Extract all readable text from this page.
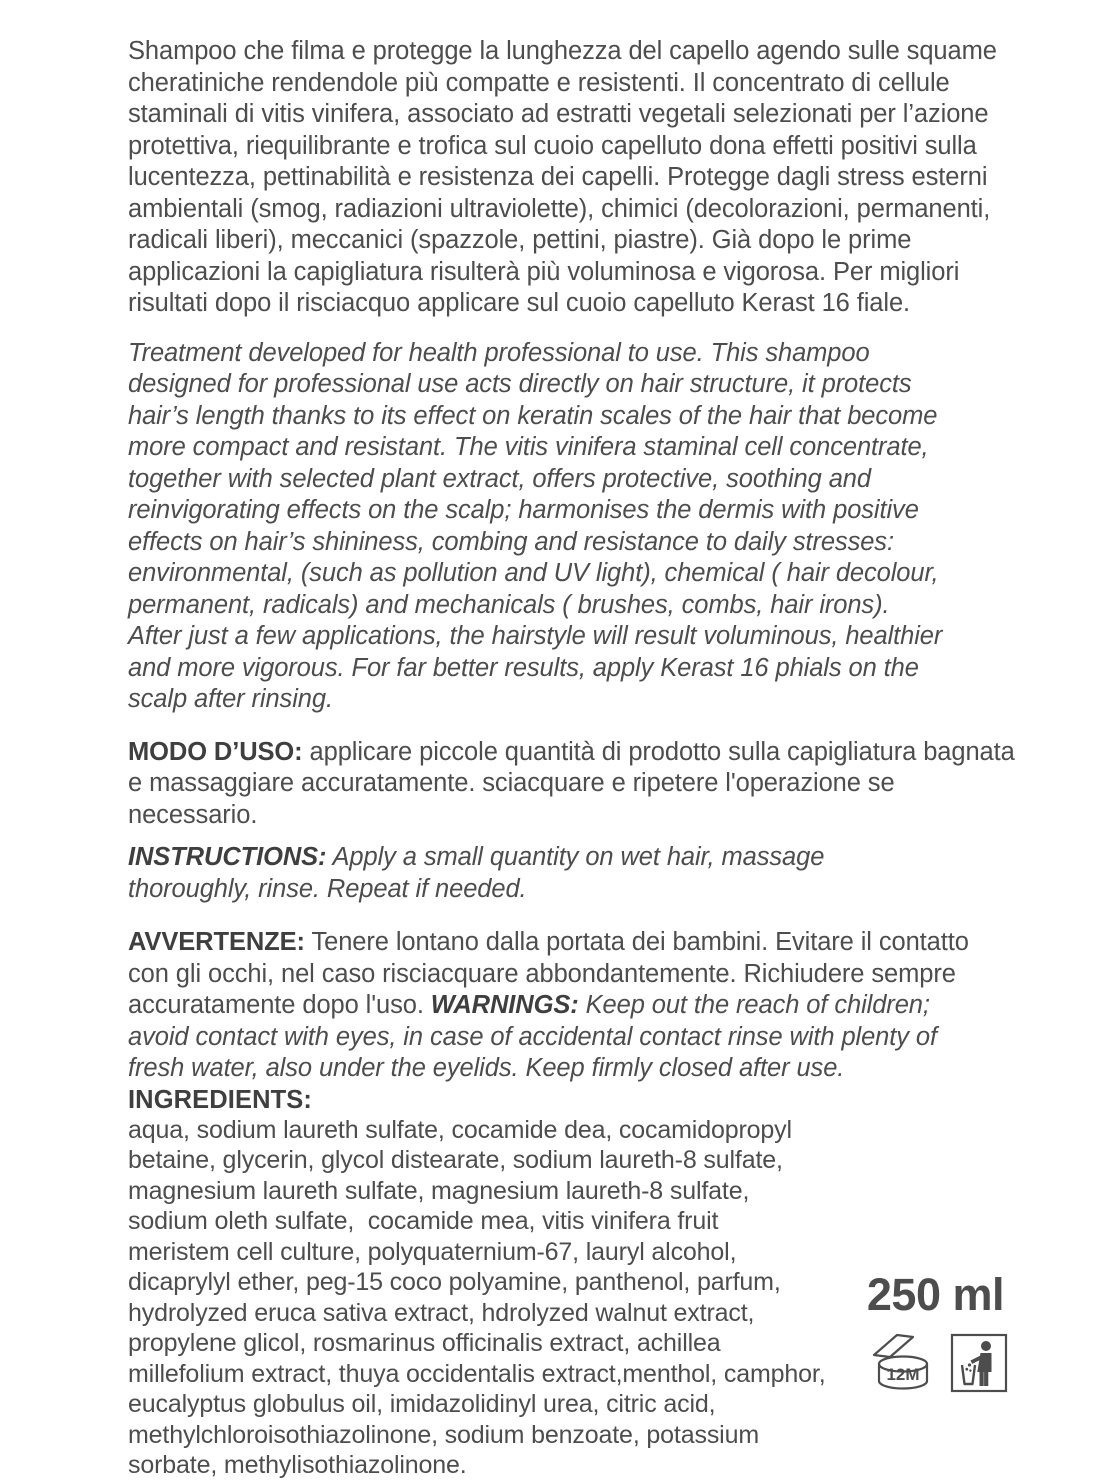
Shampoo che filma e protegge la lunghezza del capello agendo sulle squame cheratiniche rendendole più compatte e resistenti. Il concentrato di cellule staminali di vitis vinifera, associato ad estratti vegetali selezionati per l’azione protettiva, riequilibrante e trofica sul cuoio capelluto dona effetti positivi sulla lucentezza, pettinabilità e resistenza dei capelli. Protegge dagli stress esterni ambientali (smog, radiazioni ultraviolette), chimici (decolorazioni, permanenti, radicali liberi), meccanici (spazzole, pettini, piastre). Già dopo le prime applicazioni la capigliatura risulterà più voluminosa e vigorosa. Per migliori risultati dopo il risciacquo applicare sul cuoio capelluto Kerast 16 fiale.

Treatment developed for health professional to use. This shampoo designed for professional use acts directly on hair structure, it protects hair’s length thanks to its effect on keratin scales of the hair that become more compact and resistant. The vitis vinifera staminal cell concentrate, together with selected plant extract, offers protective, soothing and reinvigorating effects on the scalp; harmonises the dermis with positive effects on hair’s shininess, combing and resistance to daily stresses: environmental, (such as pollution and UV light), chemical ( hair decolour, permanent, radicals) and mechanicals ( brushes, combs, hair irons). After just a few applications, the hairstyle will result voluminous, healthier and more vigorous. For far better results, apply Kerast 16 phials on the scalp after rinsing.

MODO D’USO: applicare piccole quantità di prodotto sulla capigliatura bagnata e massaggiare accuratamente. sciacquare e ripetere l'operazione se necessario.

INSTRUCTIONS: Apply a small quantity on wet hair, massage thoroughly, rinse. Repeat if needed.

AVVERTENZE: Tenere lontano dalla portata dei bambini. Evitare il contatto con gli occhi, nel caso risciacquare abbondantemente. Richiudere sempre accuratamente dopo l'uso. WARNINGS: Keep out the reach of children; avoid contact with eyes, in case of accidental contact rinse with plenty of fresh water, also under the eyelids. Keep firmly closed after use.

INGREDIENTS:

aqua, sodium laureth sulfate, cocamide dea, cocamidopropyl
betaine, glycerin, glycol distearate, sodium laureth-8 sulfate,
magnesium laureth sulfate, magnesium laureth-8 sulfate,
sodium oleth sulfate,  cocamide mea, vitis vinifera fruit
meristem cell culture, polyquaternium-67, lauryl alcohol,
dicaprylyl ether, peg-15 coco polyamine, panthenol, parfum,
hydrolyzed eruca sativa extract, hdrolyzed walnut extract,
propylene glicol, rosmarinus officinalis extract, achillea
millefolium extract, thuya occidentalis extract,menthol, camphor,
eucalyptus globulus oil, imidazolidinyl urea, citric acid,
methylchloroisothiazolinone, sodium benzoate, potassium
sorbate, methylisothiazolinone.
250 ml
12M
